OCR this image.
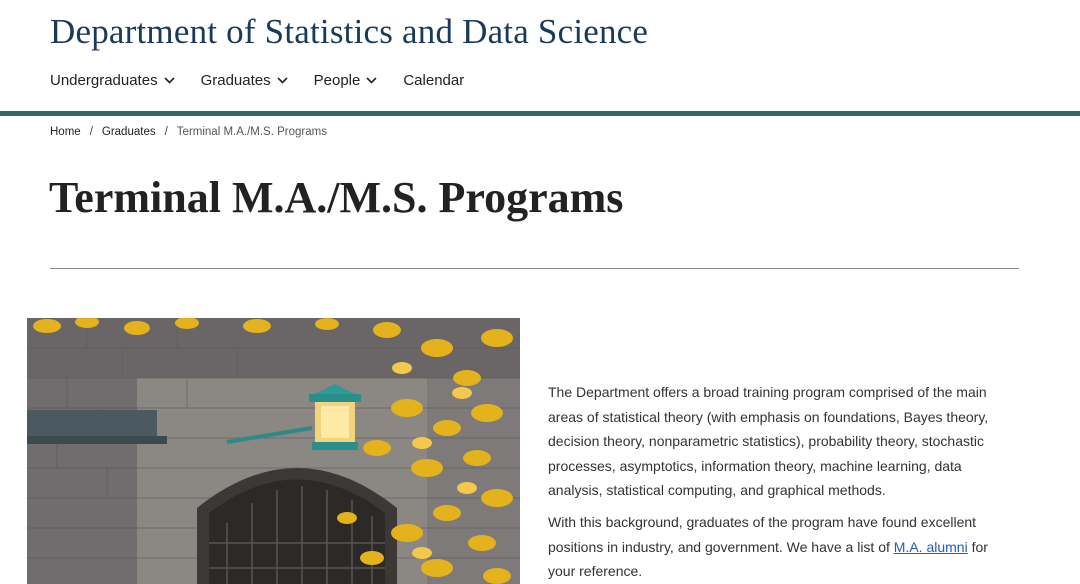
Department of Statistics and Data Science
Undergraduates	Graduates	People	Calendar
Home / Graduates / Terminal M.A./M.S. Programs
Terminal M.A./M.S. Programs

The Department offers a broad training program comprised of the main areas of statistical theory (with emphasis on foundations, Bayes theory, decision theory, nonparametric statistics), probability theory, stochastic processes, asymptotics, information theory, machine learning, data analysis, statistical computing, and graphical methods.

With this background, graduates of the program have found excellent positions in industry, and government. We have a list of M.A. alumni for your reference.
